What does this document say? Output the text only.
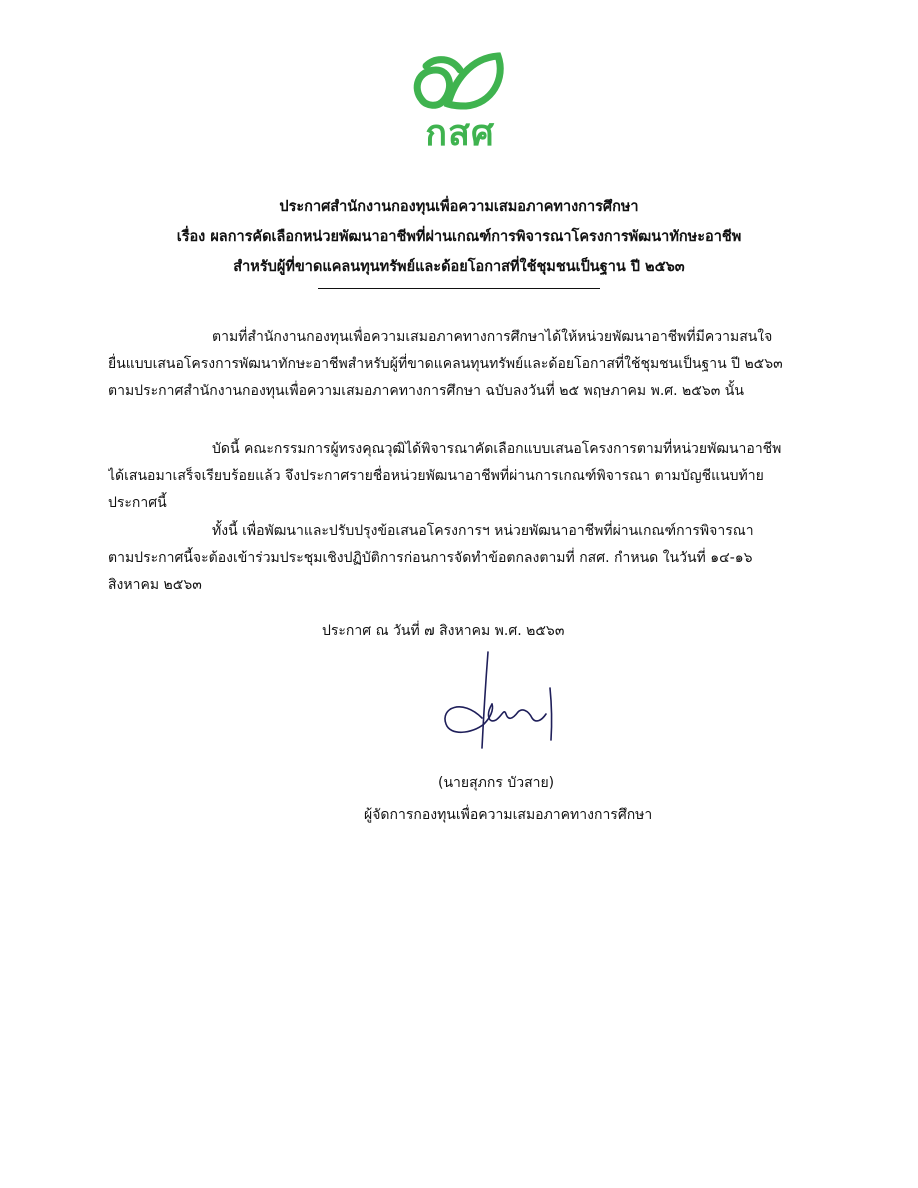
กสศ
ประกาศสำนักงานกองทุนเพื่อความเสมอภาคทางการศึกษา
เรื่อง ผลการคัดเลือกหน่วยพัฒนาอาชีพที่ผ่านเกณฑ์การพิจารณาโครงการพัฒนาทักษะอาชีพ
สำหรับผู้ที่ขาดแคลนทุนทรัพย์และด้อยโอกาสที่ใช้ชุมชนเป็นฐาน ปี ๒๕๖๓
ตามที่สำนักงานกองทุนเพื่อความเสมอภาคทางการศึกษาได้ให้หน่วยพัฒนาอาชีพที่มีความสนใจ
ยื่นแบบเสนอโครงการพัฒนาทักษะอาชีพสำหรับผู้ที่ขาดแคลนทุนทรัพย์และด้อยโอกาสที่ใช้ชุมชนเป็นฐาน ปี ๒๕๖๓
ตามประกาศสำนักงานกองทุนเพื่อความเสมอภาคทางการศึกษา ฉบับลงวันที่ ๒๕ พฤษภาคม พ.ศ. ๒๕๖๓ นั้น
บัดนี้ คณะกรรมการผู้ทรงคุณวุฒิได้พิจารณาคัดเลือกแบบเสนอโครงการตามที่หน่วยพัฒนาอาชีพ
ได้เสนอมาเสร็จเรียบร้อยแล้ว จึงประกาศรายชื่อหน่วยพัฒนาอาชีพที่ผ่านการเกณฑ์พิจารณา ตามบัญชีแนบท้าย
ประกาศนี้
ทั้งนี้ เพื่อพัฒนาและปรับปรุงข้อเสนอโครงการฯ หน่วยพัฒนาอาชีพที่ผ่านเกณฑ์การพิจารณา
ตามประกาศนี้จะต้องเข้าร่วมประชุมเชิงปฏิบัติการก่อนการจัดทำข้อตกลงตามที่ กสศ. กำหนด ในวันที่ ๑๔-๑๖
สิงหาคม ๒๕๖๓
ประกาศ ณ วันที่ ๗ สิงหาคม พ.ศ. ๒๕๖๓
(นายสุภกร บัวสาย)
ผู้จัดการกองทุนเพื่อความเสมอภาคทางการศึกษา
